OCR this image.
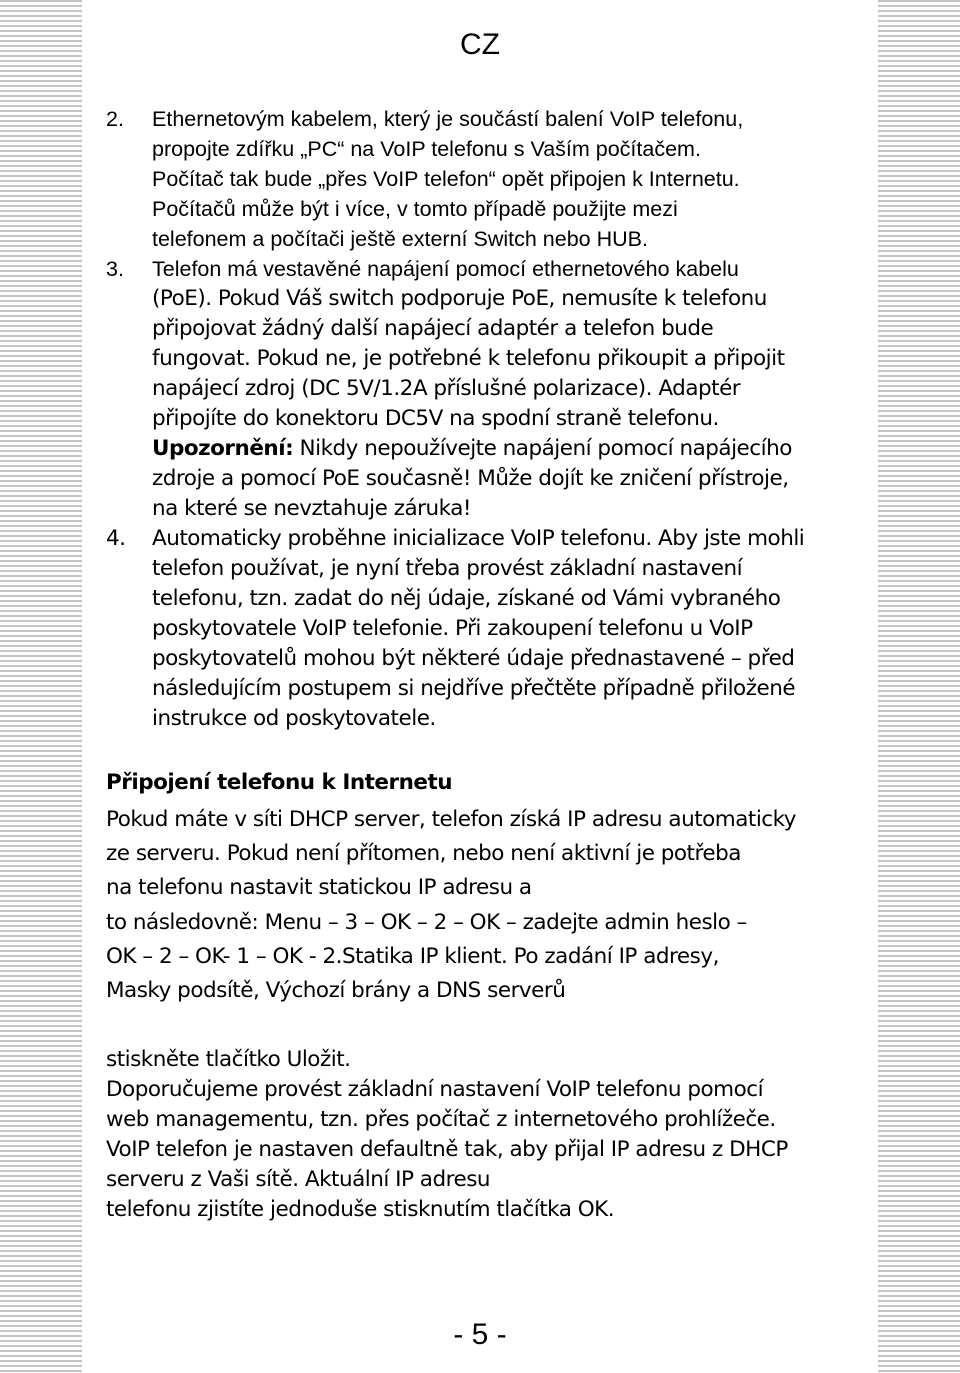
CZ
2.	Ethernetovým kabelem, který je součástí balení VoIP telefonu,
propojte zdířku „PC“ na VoIP telefonu s Vaším počítačem.
Počítač tak bude „přes VoIP telefon“ opět připojen k Internetu.
Počítačů může být i více, v tomto případě použijte mezi
telefonem a počítači ještě externí Switch nebo HUB.
3.	Telefon má vestavěné napájení pomocí ethernetového kabelu
(PoE). Pokud Váš switch podporuje PoE, nemusíte k telefonu
připojovat žádný další napájecí adaptér a telefon bude
fungovat. Pokud ne, je potřebné k telefonu přikoupit a připojit
napájecí zdroj (DC 5V/1.2A příslušné polarizace). Adaptér
připojíte do konektoru DC5V na spodní straně telefonu.
Upozornění: Nikdy nepoužívejte napájení pomocí napájecího
zdroje a pomocí PoE současně! Může dojít ke zničení přístroje,
na které se nevztahuje záruka!
4.	Automaticky proběhne inicializace VoIP telefonu. Aby jste mohli
telefon používat, je nyní třeba provést základní nastavení
telefonu, tzn. zadat do něj údaje, získané od Vámi vybraného
poskytovatele VoIP telefonie. Při zakoupení telefonu u VoIP
poskytovatelů mohou být některé údaje přednastavené – před
následujícím postupem si nejdříve přečtěte případně přiložené
instrukce od poskytovatele.
Připojení telefonu k Internetu
Pokud máte v síti DHCP server, telefon získá IP adresu automaticky
ze serveru. Pokud není přítomen, nebo není aktivní je potřeba
na telefonu nastavit statickou IP adresu a
to následovně: Menu – 3 – OK – 2 – OK – zadejte admin heslo –
OK – 2 – OK- 1 – OK - 2.Statika IP klient. Po zadání IP adresy,
Masky podsítě, Výchozí brány a DNS serverů
stiskněte tlačítko Uložit.
Doporučujeme provést základní nastavení VoIP telefonu pomocí
web managementu, tzn. přes počítač z internetového prohlížeče.
VoIP telefon je nastaven defaultně tak, aby přijal IP adresu z DHCP
serveru z Vaši sítě. Aktuální IP adresu
telefonu zjistíte jednoduše stisknutím tlačítka OK.
- 5 -
